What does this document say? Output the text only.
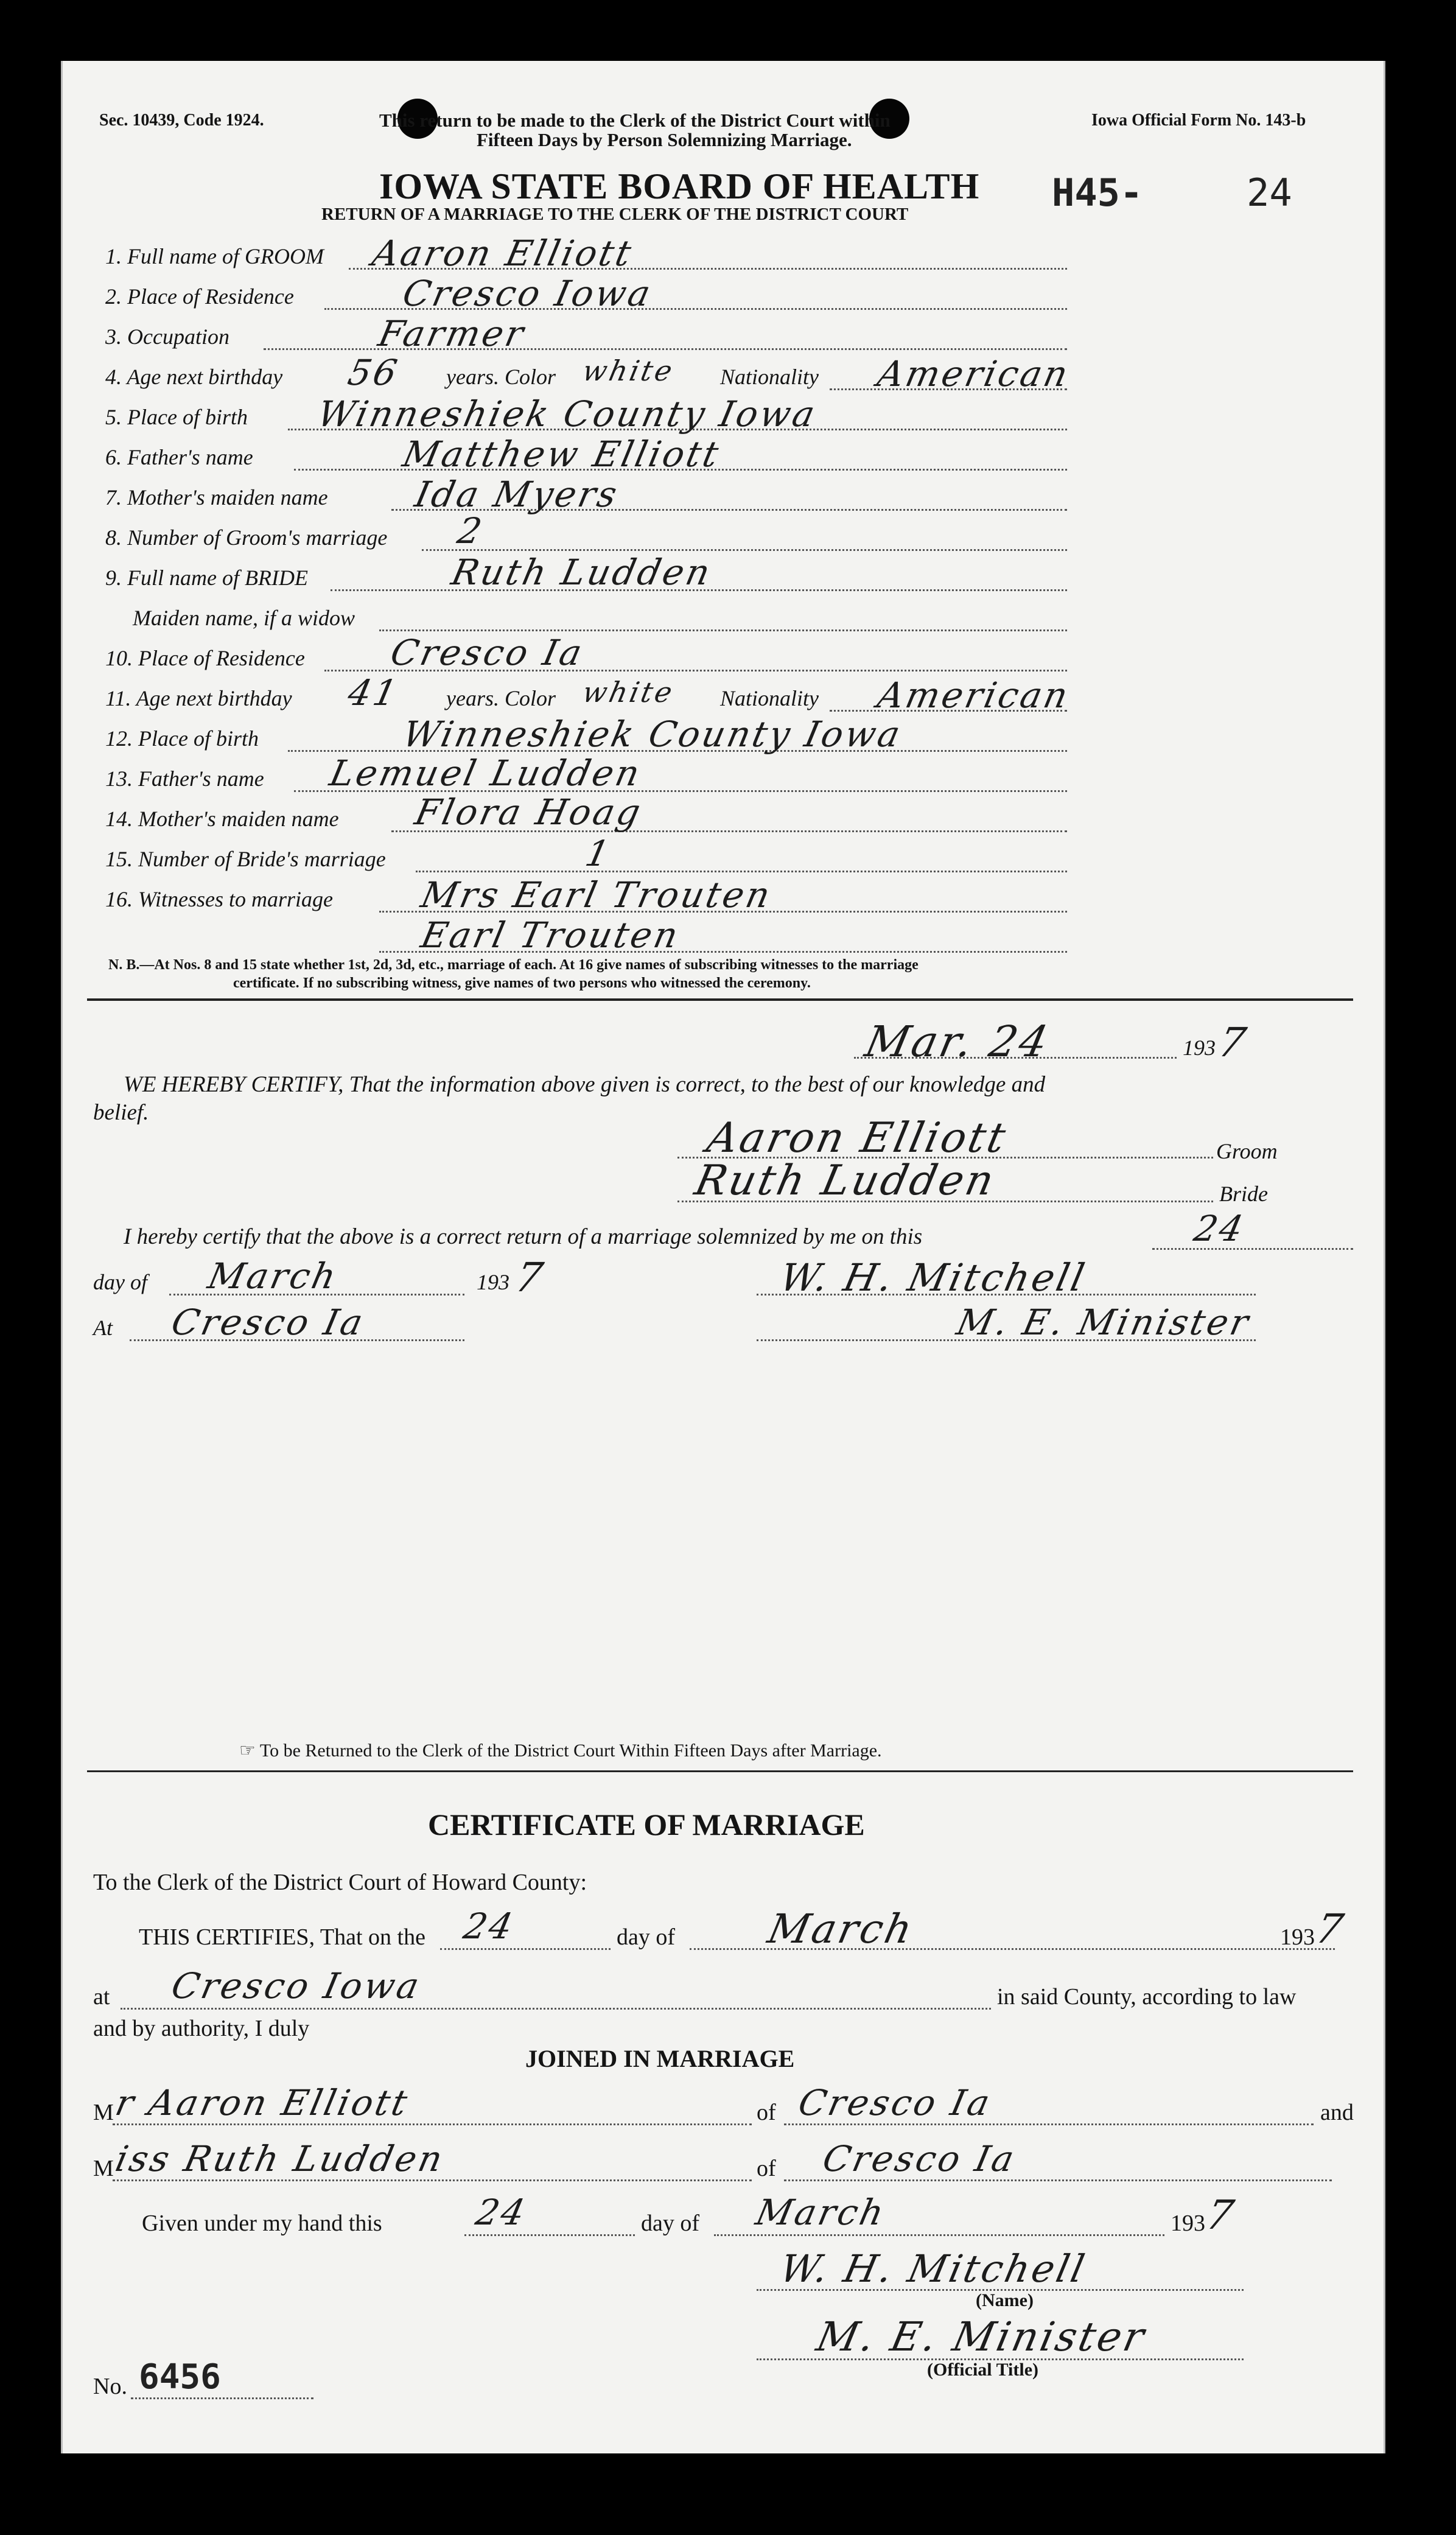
Sec. 10439, Code 1924.	This return to be made to the Clerk of the District Court within
Fifteen Days by Person Solemnizing Marriage.
Iowa Official Form No. 143-b
IOWA STATE BOARD OF HEALTH
RETURN OF A MARRIAGE TO THE CLERK OF THE DISTRICT COURT	H45-	24
1. Full name of GROOM Aaron Elliott
2. Place of Residence	Cresco Iowa
3. Occupation	Farmer
4. Age next birthday 56 years. Color white Nationality American
5. Place of birth Winneshiek County Iowa
6. Father's name	Matthew Elliott
7. Mother's maiden name Ida Myers
8. Number of Groom's marriage 2
9. Full name of BRIDE	Ruth Ludden
Maiden name, if a widow
10. Place of Residence Cresco Ia
11. Age next birthday 41 years. Color white Nationality American
12. Place of birth	Winneshiek County Iowa
13. Father's name Lemuel Ludden
14. Mother's maiden name Flora Hoag
15. Number of Bride's marriage	1
16. Witnesses to marriage Mrs Earl Trouten
Earl Trouten
N. B.—At Nos. 8 and 15 state whether 1st, 2d, 3d, etc., marriage of each. At 16 give names of subscribing witnesses to the marriage
certificate. If no subscribing witness, give names of two persons who witnessed the ceremony.
Mar. 24	193
7
WE HEREBY CERTIFY, That the information above given is correct, to the best of our knowledge and
belief.
Aaron Elliott	Groom
Ruth Ludden	Bride
I hereby certify that the above is a correct return of a marriage solemnized by me on this	24
day of March	193 7	W. H. Mitchell
At Cresco Ia	M. E. Minister
☞ To be Returned to the Clerk of the District Court Within Fifteen Days after Marriage.
CERTIFICATE OF MARRIAGE
To the Clerk of the District Court of Howard County:
THIS CERTIFIES, That on the 24	day of March	193
7
at Cresco Iowa	in said County, according to law
and by authority, I duly
JOINED IN MARRIAGE
M
r Aaron Elliott	of Cresco Ia	and
M
iss Ruth Ludden	of Cresco Ia
Given under my hand this	24	day of March	193
7
W. H. Mitchell
(Name)
M. E. Minister
(Official Title)
No. 6456
